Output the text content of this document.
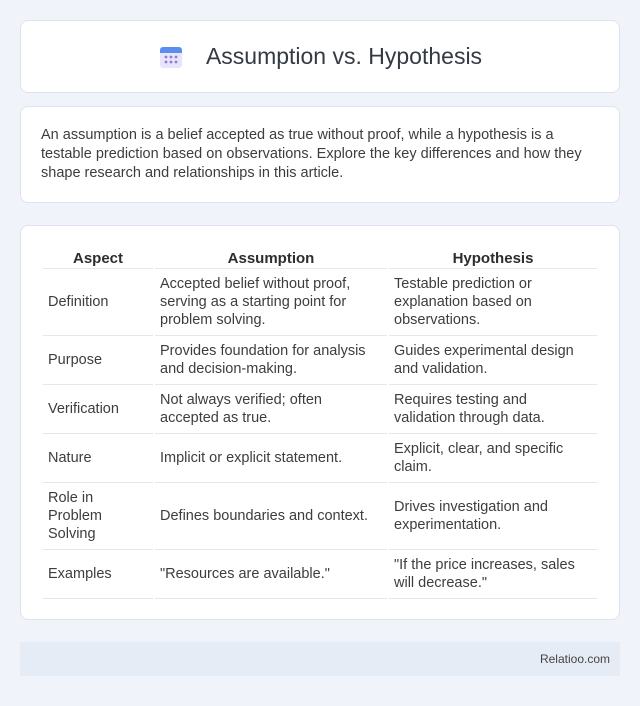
Assumption vs. Hypothesis

An assumption is a belief accepted as true without proof, while a hypothesis is a testable prediction based on observations. Explore the key differences and how they shape research and relationships in this article.

Aspect	Assumption	Hypothesis
Definition	Accepted belief without proof, serving as a starting point for problem solving.	Testable prediction or explanation based on observations.
Purpose	Provides foundation for analysis and decision-making.	Guides experimental design and validation.
Verification	Not always verified; often accepted as true.	Requires testing and validation through data.
Nature	Implicit or explicit statement.	Explicit, clear, and specific claim.
Role in Problem Solving	Defines boundaries and context.	Drives investigation and experimentation.
Examples	"Resources are available."	"If the price increases, sales will decrease."
Relatioo.com
